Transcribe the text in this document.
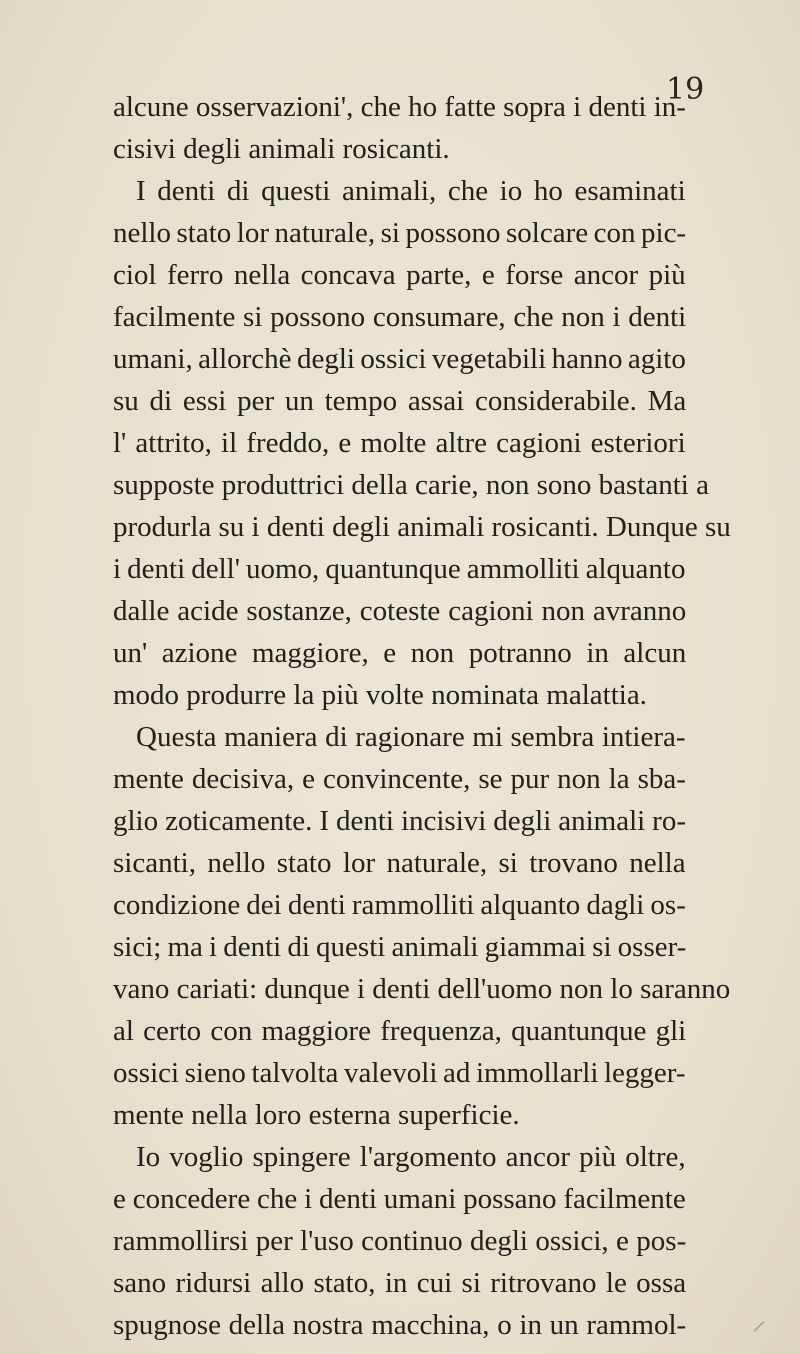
19
alcune osservazioni', che ho fatte sopra i denti in-
cisivi degli animali rosicanti.
I denti di questi animali, che io ho esaminati
nello stato lor naturale, si possono solcare con pic-
ciol ferro nella concava parte, e forse ancor più
facilmente si possono consumare, che non i denti
umani, allorchè degli ossici vegetabili hanno agito
su di essi per un tempo assai considerabile. Ma
l' attrito, il freddo, e molte altre cagioni esteriori
supposte produttrici della carie, non sono bastanti a
produrla su i denti degli animali rosicanti. Dunque su
i denti dell' uomo, quantunque ammolliti alquanto
dalle acide sostanze, coteste cagioni non avranno
un' azione maggiore, e non potranno in alcun
modo produrre la più volte nominata malattia.
Questa maniera di ragionare mi sembra intiera-
mente decisiva, e convincente, se pur non la sba-
glio zoticamente. I denti incisivi degli animali ro-
sicanti, nello stato lor naturale, si trovano nella
condizione dei denti rammolliti alquanto dagli os-
sici; ma i denti di questi animali giammai si osser-
vano cariati: dunque i denti dell'uomo non lo saranno
al certo con maggiore frequenza, quantunque gli
ossici sieno talvolta valevoli ad immollarli legger-
mente nella loro esterna superficie.
Io voglio spingere l'argomento ancor più oltre,
e concedere che i denti umani possano facilmente
rammollirsi per l'uso continuo degli ossici, e pos-
sano ridursi allo stato, in cui si ritrovano le ossa
spugnose della nostra macchina, o in un rammol-
